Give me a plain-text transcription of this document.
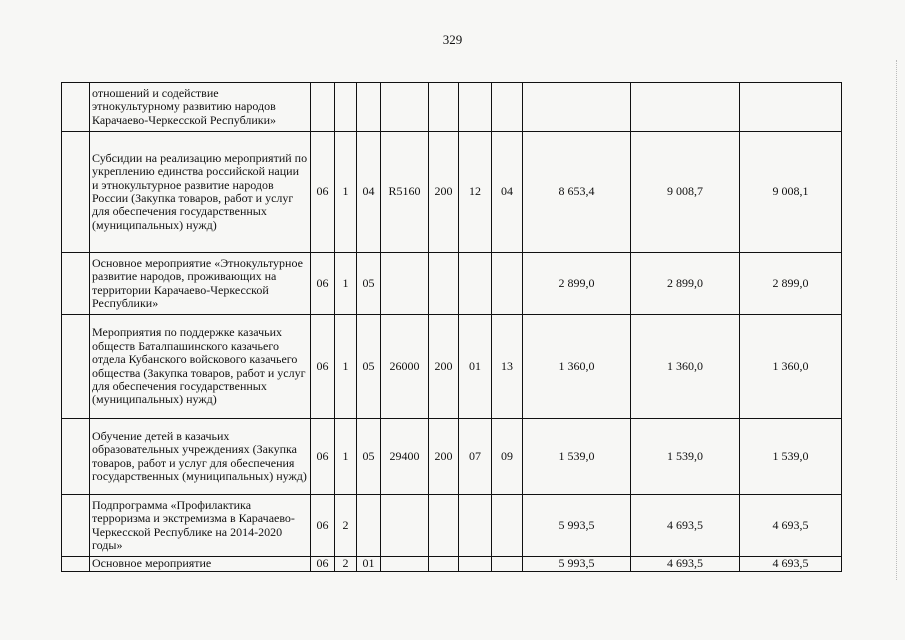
329
	отношений и содействие этнокультурному развитию народов Карачаево-Черкесской Республики»										
	Субсидии на реализацию мероприятий по укреплению единства российской нации и этнокультурное развитие народов России (Закупка товаров, работ и услуг для обеспечения государственных (муниципальных) нужд)	06	1	04	R5160	200	12	04	8 653,4	9 008,7	9 008,1
	Основное мероприятие «Этнокультурное развитие народов, проживающих на территории Карачаево-Черкесской Республики»	06	1	05					2 899,0	2 899,0	2 899,0
	Мероприятия по поддержке казачьих обществ Баталпашинского казачьего отдела Кубанского войскового казачьего общества (Закупка товаров, работ и услуг для обеспечения государственных (муниципальных) нужд)	06	1	05	26000	200	01	13	1 360,0	1 360,0	1 360,0
	Обучение детей в казачьих образовательных учреждениях (Закупка товаров, работ и услуг для обеспечения государственных (муниципальных) нужд)	06	1	05	29400	200	07	09	1 539,0	1 539,0	1 539,0
	Подпрограмма «Профилактика терроризма и экстремизма в Карачаево-Черкесской Республике на 2014-2020 годы»	06	2						5 993,5	4 693,5	4 693,5
	Основное мероприятие	06	2	01					5 993,5	4 693,5	4 693,5
